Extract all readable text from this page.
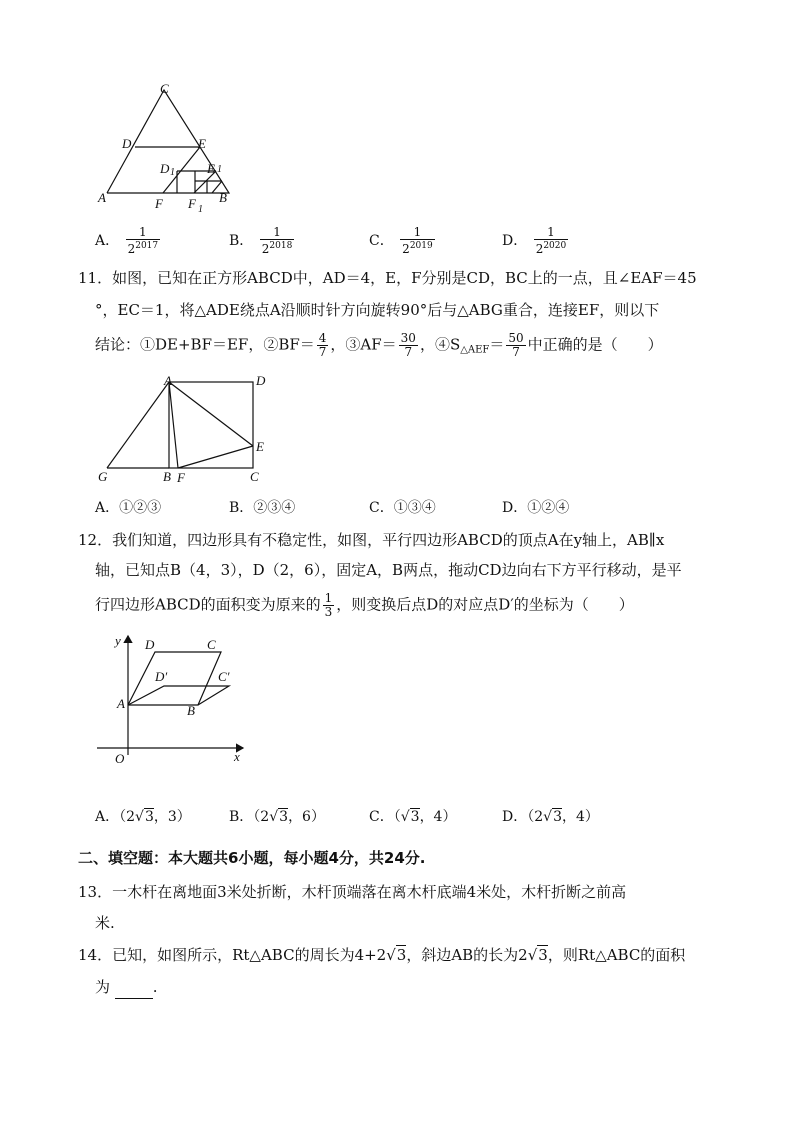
C
D	E
D 1 E 1
A	F F 1
B
A． $\frac{1}{2^{2017}}$	B． $\frac{1}{2^{2018}}$	C． $\frac{1}{2^{2019}}$	D． $\frac{1}{2^{2020}}$
11．如图，已知在正方形ABCD中，AD＝4，E，F分别是CD，BC上的一点，且∠EAF＝45
°，EC＝1，将△ADE绕点A沿顺时针方向旋转90°后与△ABG重合，连接EF，则以下
结论：①DE+BF＝EF，②BF＝ $\frac{4}{7}$ ，③AF＝ $\frac{30}{7}$ ，$④S_{\triangle AEF}= \frac{50}{7}$ 中正确的是（　　）
A	D
E
G	B F	C
A．①②③	B．②③④	C．①③④	D．①②④
12．我们知道，四边形具有不稳定性，如图，平行四边形ABCD的顶点A在y轴上，AB∥x
轴，已知点B（4，3），D（2，6），固定A，B两点，拖动CD边向右下方平行移动，是平
行四边形ABCD的面积变为原来的 $\frac{1}{3}$ ，则变换后点D的对应点D′的坐标为（　　）
y D	C
D′	C′
A	B
O	x
A．（2√3，3）	B．（2√3，6）	C．（√3，4）	D．（2√3，4）
二、填空题：本大题共6小题，每小题4分，共24分.
13．一木杆在离地面3米处折断，木杆顶端落在离木杆底端4米处，木杆折断之前高
米.
14．已知，如图所示，Rt△ABC的周长为4+2√3，斜边AB的长为2√3，则Rt△ABC的面积
为	.
